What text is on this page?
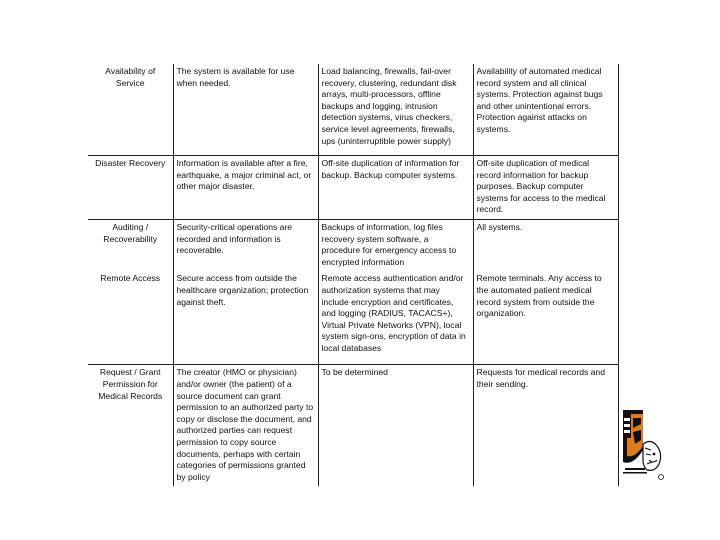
Availability of Service	The system is available for use when needed.	Load balancing, firewalls, fail-over recovery, clustering, redundant disk arrays, multi-processors, offline backups and logging, intrusion detection systems, virus checkers, service level agreements, firewalls, ups (uninterruptible power supply)	Availability of automated medical record system and all clinical systems. Protection against bugs and other unintentional errors. Protection against attacks on systems.
Disaster Recovery	Information is available after a fire, earthquake, a major criminal act, or other major disaster.	Off-site duplication of information for backup. Backup computer systems.	Off-site duplication of medical record information for backup purposes. Backup computer systems for access to the medical record.
Auditing / Recoverability	Security-critical operations are recorded and information is recoverable.	Backups of information, log files recovery system software, a procedure for emergency access to encrypted information	All systems.
Remote Access	Secure access from outside the healthcare organization; protection against theft.	Remote access authentication and/or authorization systems that may include encryption and certificates, and logging (RADIUS, TACACS+), Virtual Private Networks (VPN), local system sign-ons, encryption of data in local databases	Remote terminals. Any access to the automated patient medical record system from outside the organization.
Request / Grant Permission for Medical Records	The creator (HMO or physician) and/or owner (the patient) of a source document can grant permission to an authorized party to copy or disclose the document, and authorized parties can request permission to copy source documents, perhaps with certain categories of permissions granted by policy	To be determined	Requests for medical records and their sending.
